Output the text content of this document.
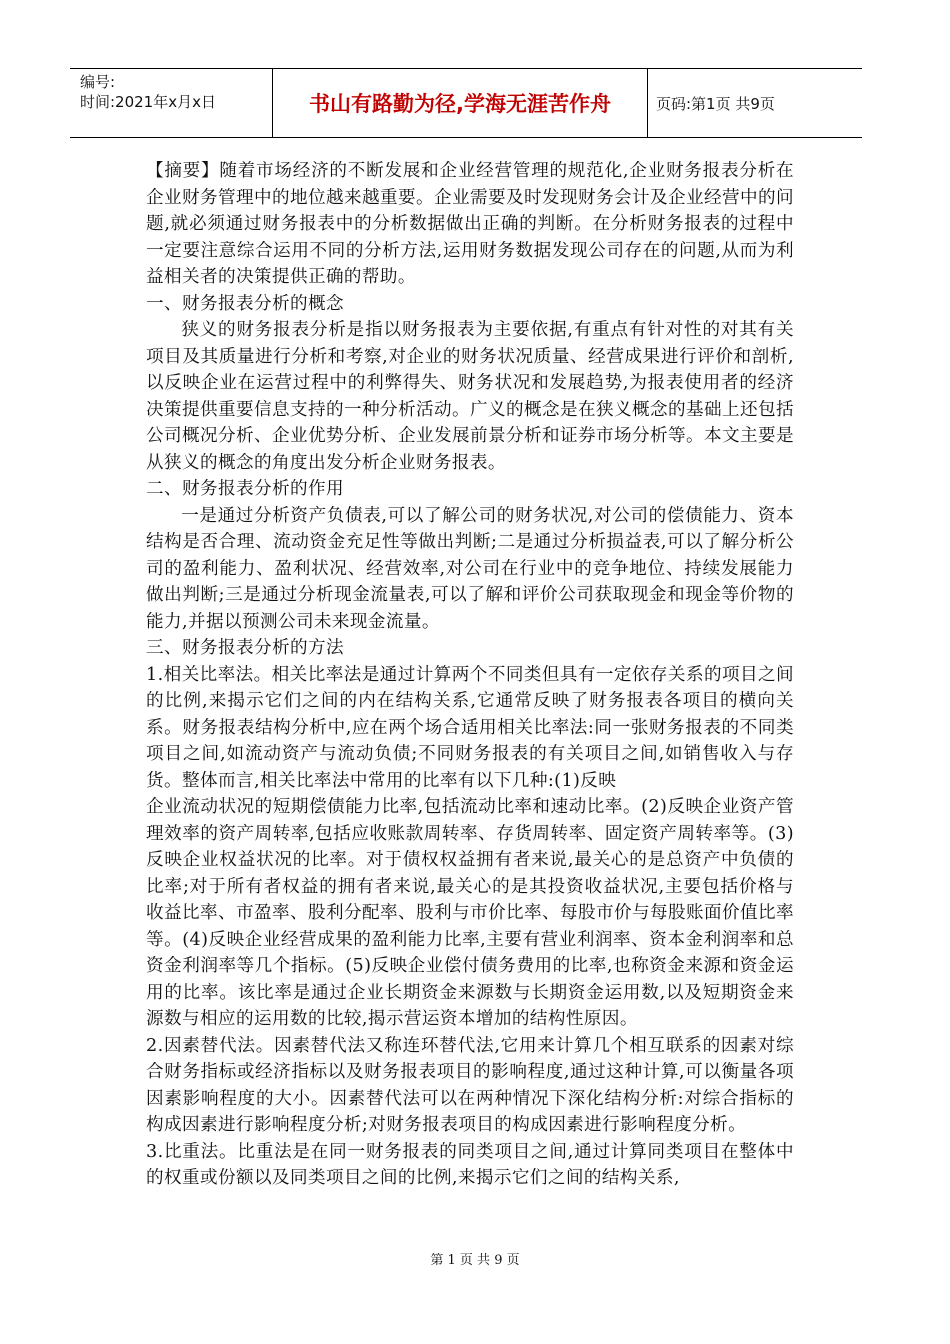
编号:
时间:2021年x月x日	书山有路勤为径,学海无涯苦作舟	页码:第1页 共9页

【摘要】随着市场经济的不断发展和企业经营管理的规范化,企业财务报表分析在企业财务管理中的地位越来越重要。企业需要及时发现财务会计及企业经营中的问题,就必须通过财务报表中的分析数据做出正确的判断。在分析财务报表的过程中一定要注意综合运用不同的分析方法,运用财务数据发现公司存在的问题,从而为利益相关者的决策提供正确的帮助。

一、财务报表分析的概念

狭义的财务报表分析是指以财务报表为主要依据,有重点有针对性的对其有关项目及其质量进行分析和考察,对企业的财务状况质量、经营成果进行评价和剖析,以反映企业在运营过程中的利弊得失、财务状况和发展趋势,为报表使用者的经济决策提供重要信息支持的一种分析活动。广义的概念是在狭义概念的基础上还包括公司概况分析、企业优势分析、企业发展前景分析和证券市场分析等。本文主要是从狭义的概念的角度出发分析企业财务报表。

二、财务报表分析的作用

一是通过分析资产负债表,可以了解公司的财务状况,对公司的偿债能力、资本结构是否合理、流动资金充足性等做出判断;二是通过分析损益表,可以了解分析公司的盈利能力、盈利状况、经营效率,对公司在行业中的竞争地位、持续发展能力做出判断;三是通过分析现金流量表,可以了解和评价公司获取现金和现金等价物的能力,并据以预测公司未来现金流量。

三、财务报表分析的方法

1.相关比率法。相关比率法是通过计算两个不同类但具有一定依存关系的项目之间的比例,来揭示它们之间的内在结构关系,它通常反映了财务报表各项目的横向关系。财务报表结构分析中,应在两个场合适用相关比率法:同一张财务报表的不同类项目之间,如流动资产与流动负债;不同财务报表的有关项目之间,如销售收入与存货。整体而言,相关比率法中常用的比率有以下几种:(1)反映

企业流动状况的短期偿债能力比率,包括流动比率和速动比率。(2)反映企业资产管理效率的资产周转率,包括应收账款周转率、存货周转率、固定资产周转率等。(3)反映企业权益状况的比率。对于债权权益拥有者来说,最关心的是总资产中负债的比率;对于所有者权益的拥有者来说,最关心的是其投资收益状况,主要包括价格与收益比率、市盈率、股利分配率、股利与市价比率、每股市价与每股账面价值比率等。(4)反映企业经营成果的盈利能力比率,主要有营业利润率、资本金利润率和总资金利润率等几个指标。(5)反映企业偿付债务费用的比率,也称资金来源和资金运用的比率。该比率是通过企业长期资金来源数与长期资金运用数,以及短期资金来源数与相应的运用数的比较,揭示营运资本增加的结构性原因。

2.因素替代法。因素替代法又称连环替代法,它用来计算几个相互联系的因素对综合财务指标或经济指标以及财务报表项目的影响程度,通过这种计算,可以衡量各项因素影响程度的大小。因素替代法可以在两种情况下深化结构分析:对综合指标的构成因素进行影响程度分析;对财务报表项目的构成因素进行影响程度分析。

3.比重法。比重法是在同一财务报表的同类项目之间,通过计算同类项目在整体中的权重或份额以及同类项目之间的比例,来揭示它们之间的结构关系,

第 1 页 共 9 页
